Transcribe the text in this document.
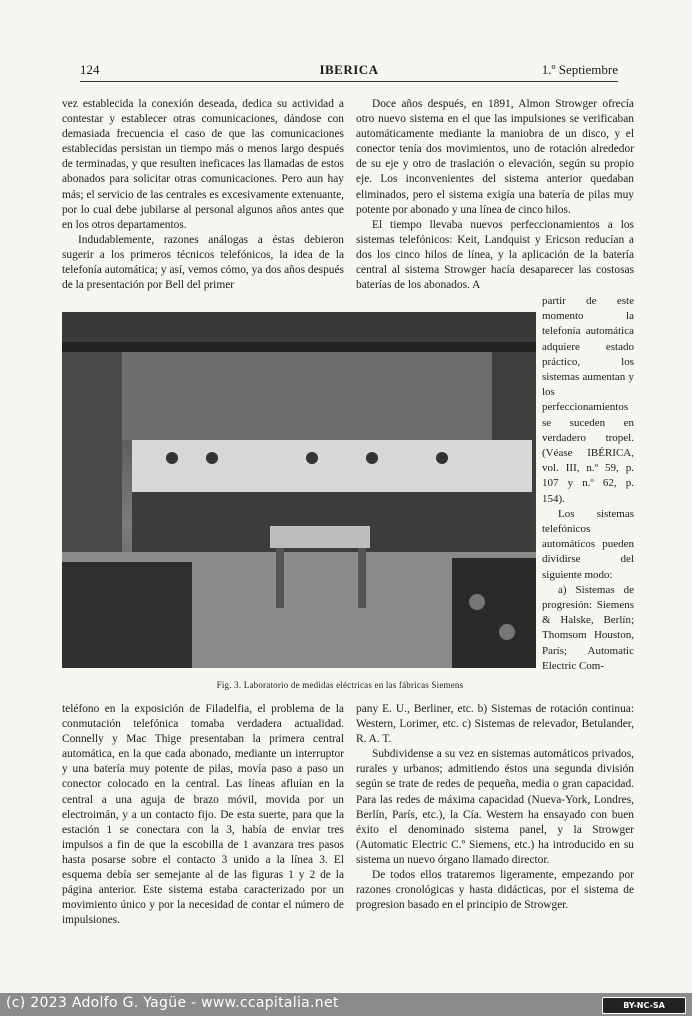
124	IBERICA	1.º Septiembre

vez establecida la conexión deseada, dedica su actividad a contestar y establecer otras comunicaciones, dándose con demasiada frecuencia el caso de que las comunicaciones establecidas persistan un tiempo más o menos largo después de terminadas, y que resulten ineficaces las llamadas de estos abonados para solicitar otras comunicaciones. Pero aun hay más; el servicio de las centrales es excesivamente extenuante, por lo cual debe jubilarse al personal algunos años antes que en los otros departamentos.

Indudablemente, razones análogas a éstas debieron sugerir a los primeros técnicos telefónicos, la idea de la telefonía automática; y así, vemos cómo, ya dos años después de la presentación por Bell del primer

Doce años después, en 1891, Almon Strowger ofrecía otro nuevo sistema en el que las impulsiones se verificaban automáticamente mediante la maniobra de un disco, y el conector tenía dos movimientos, uno de rotación alrededor de su eje y otro de traslación o elevación, según su propio eje. Los inconvenientes del sistema anterior quedaban eliminados, pero el sistema exigía una batería de pilas muy potente por abonado y una línea de cinco hilos.

El tiempo llevaba nuevos perfeccionamientos a los sistemas telefónicos: Keit, Landquist y Ericson reducían a dos los cinco hilos de línea, y la aplicación de la batería central al sistema Strowger hacía desaparecer las costosas baterías de los abonados. A

partir de este momento la telefonía automática adquiere estado práctico, los sistemas aumentan y los perfeccionamientos se suceden en verdadero tropel. (Véase IBÉRICA, vol. III, n.º 59, p. 107 y n.º 62, p. 154).

Los sistemas telefónicos automáticos pueden dividirse del siguiente modo:

a) Sistemas de progresión: Siemens & Halske, Berlín; Thomsom Houston, París; Automatic Electric Com-

Fig. 3. Laboratorio de medidas eléctricas en las fábricas Siemens

teléfono en la exposición de Filadelfia, el problema de la conmutación telefónica tomaba verdadera actualidad. Connelly y Mac Thige presentaban la primera central automática, en la que cada abonado, mediante un interruptor y una batería muy potente de pilas, movía paso a paso un conector colocado en la central. Las líneas afluían en la central a una aguja de brazo móvil, movida por un electroimán, y a un contacto fijo. De esta suerte, para que la estación 1 se conectara con la 3, había de enviar tres impulsos a fin de que la escobilla de 1 avanzara tres pasos hasta posarse sobre el contacto 3 unido a la línea 3. El esquema debía ser semejante al de las figuras 1 y 2 de la página anterior. Este sistema estaba caracterizado por un movimiento único y por la necesidad de contar el número de impulsiones.

pany E. U., Berliner, etc. b) Sistemas de rotación continua: Western, Lorimer, etc. c) Sistemas de relevador, Betulander, R. A. T.

Subdividense a su vez en sistemas automáticos privados, rurales y urbanos; admitiendo éstos una segunda división según se trate de redes de pequeña, media o gran capacidad. Para las redes de máxima capacidad (Nueva-York, Londres, Berlín, París, etc.), la Cía. Western ha ensayado con buen éxito el denominado sistema panel, y la Strowger (Automatic Electric C.º Siemens, etc.) ha introducido en su sistema un nuevo órgano llamado director.

De todos ellos trataremos ligeramente, empezando por razones cronológicas y hasta didácticas, por el sistema de progresion basado en el principio de Strowger.

(c) 2023 Adolfo G. Yagüe - www.ccapitalia.net	BY-NC-SA
